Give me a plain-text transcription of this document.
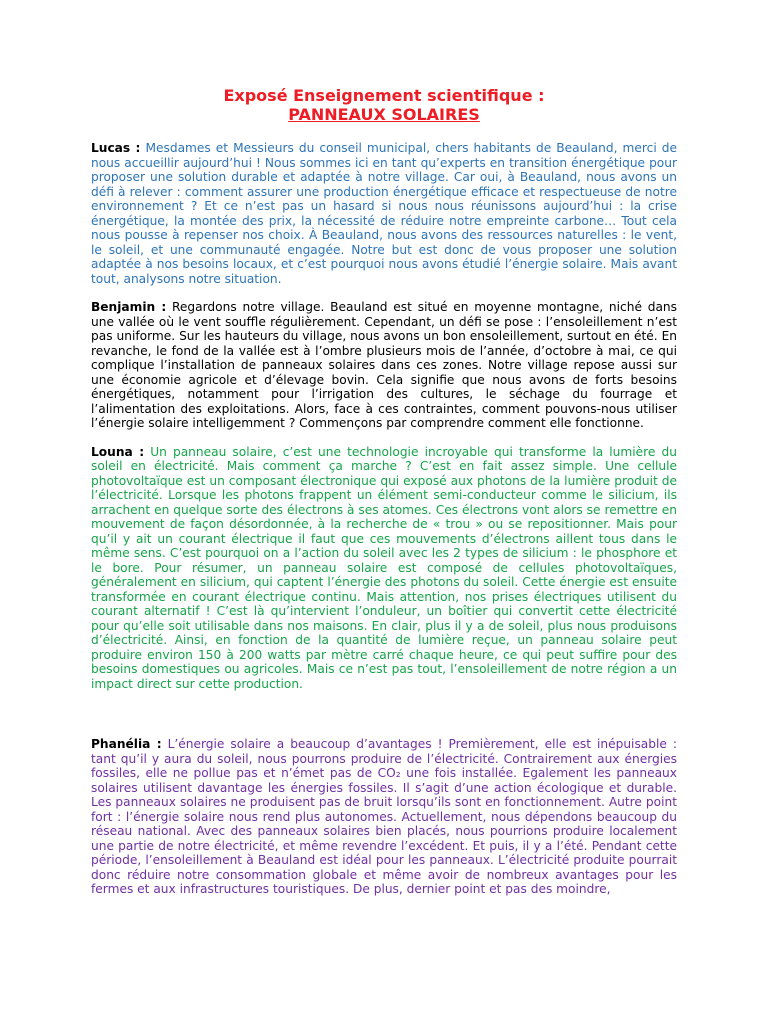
Exposé Enseignement scientifique :

PANNEAUX SOLAIRES

Lucas : Mesdames et Messieurs du conseil municipal, chers habitants de Beauland, merci de nous accueillir aujourd’hui ! Nous sommes ici en tant qu’experts en transition énergétique pour proposer une solution durable et adaptée à notre village. Car oui, à Beauland, nous avons un défi à relever : comment assurer une production énergétique efficace et respectueuse de notre environnement ? Et ce n’est pas un hasard si nous nous réunissons aujourd’hui : la crise énergétique, la montée des prix, la nécessité de réduire notre empreinte carbone… Tout cela nous pousse à repenser nos choix. À Beauland, nous avons des ressources naturelles : le vent, le soleil, et une communauté engagée. Notre but est donc de vous proposer une solution adaptée à nos besoins locaux, et c’est pourquoi nous avons étudié l’énergie solaire. Mais avant tout, analysons notre situation.

Benjamin : Regardons notre village. Beauland est situé en moyenne montagne, niché dans une vallée où le vent souffle régulièrement. Cependant, un défi se pose : l’ensoleillement n’est pas uniforme. Sur les hauteurs du village, nous avons un bon ensoleillement, surtout en été. En revanche, le fond de la vallée est à l’ombre plusieurs mois de l’année, d’octobre à mai, ce qui complique l’installation de panneaux solaires dans ces zones. Notre village repose aussi sur une économie agricole et d’élevage bovin. Cela signifie que nous avons de forts besoins énergétiques, notamment pour l’irrigation des cultures, le séchage du fourrage et l’alimentation des exploitations. Alors, face à ces contraintes, comment pouvons-nous utiliser l’énergie solaire intelligemment ? Commençons par comprendre comment elle fonctionne.

Louna : Un panneau solaire, c’est une technologie incroyable qui transforme la lumière du soleil en électricité. Mais comment ça marche ? C’est en fait assez simple. Une cellule photovoltaïque est un composant électronique qui exposé aux photons de la lumière produit de l’électricité. Lorsque les photons frappent un élément semi-conducteur comme le silicium, ils arrachent en quelque sorte des électrons à ses atomes. Ces électrons vont alors se remettre en mouvement de façon désordonnée, à la recherche de « trou » ou se repositionner. Mais pour qu’il y ait un courant électrique il faut que ces mouvements d’électrons aillent tous dans le même sens. C’est pourquoi on a l’action du soleil avec les 2 types de silicium : le phosphore et le bore. Pour résumer, un panneau solaire est composé de cellules photovoltaïques, généralement en silicium, qui captent l’énergie des photons du soleil. Cette énergie est ensuite transformée en courant électrique continu. Mais attention, nos prises électriques utilisent du courant alternatif ! C’est là qu’intervient l’onduleur, un boîtier qui convertit cette électricité pour qu’elle soit utilisable dans nos maisons. En clair, plus il y a de soleil, plus nous produisons d’électricité. Ainsi, en fonction de la quantité de lumière reçue, un panneau solaire peut produire environ 150 à 200 watts par mètre carré chaque heure, ce qui peut suffire pour des besoins domestiques ou agricoles. Mais ce n’est pas tout, l’ensoleillement de notre région a un impact direct sur cette production.

Phanélia : L’énergie solaire a beaucoup d’avantages ! Premièrement, elle est inépuisable : tant qu’il y aura du soleil, nous pourrons produire de l’électricité. Contrairement aux énergies fossiles, elle ne pollue pas et n’émet pas de CO₂ une fois installée. Egalement les panneaux solaires utilisent davantage les énergies fossiles. Il s’agit d’une action écologique et durable. Les panneaux solaires ne produisent pas de bruit lorsqu’ils sont en fonctionnement. Autre point fort : l’énergie solaire nous rend plus autonomes. Actuellement, nous dépendons beaucoup du réseau national. Avec des panneaux solaires bien placés, nous pourrions produire localement une partie de notre électricité, et même revendre l’excédent. Et puis, il y a l’été. Pendant cette période, l’ensoleillement à Beauland est idéal pour les panneaux. L’électricité produite pourrait donc réduire notre consommation globale et même avoir de nombreux avantages pour les fermes et aux infrastructures touristiques. De plus, dernier point et pas des moindre,
